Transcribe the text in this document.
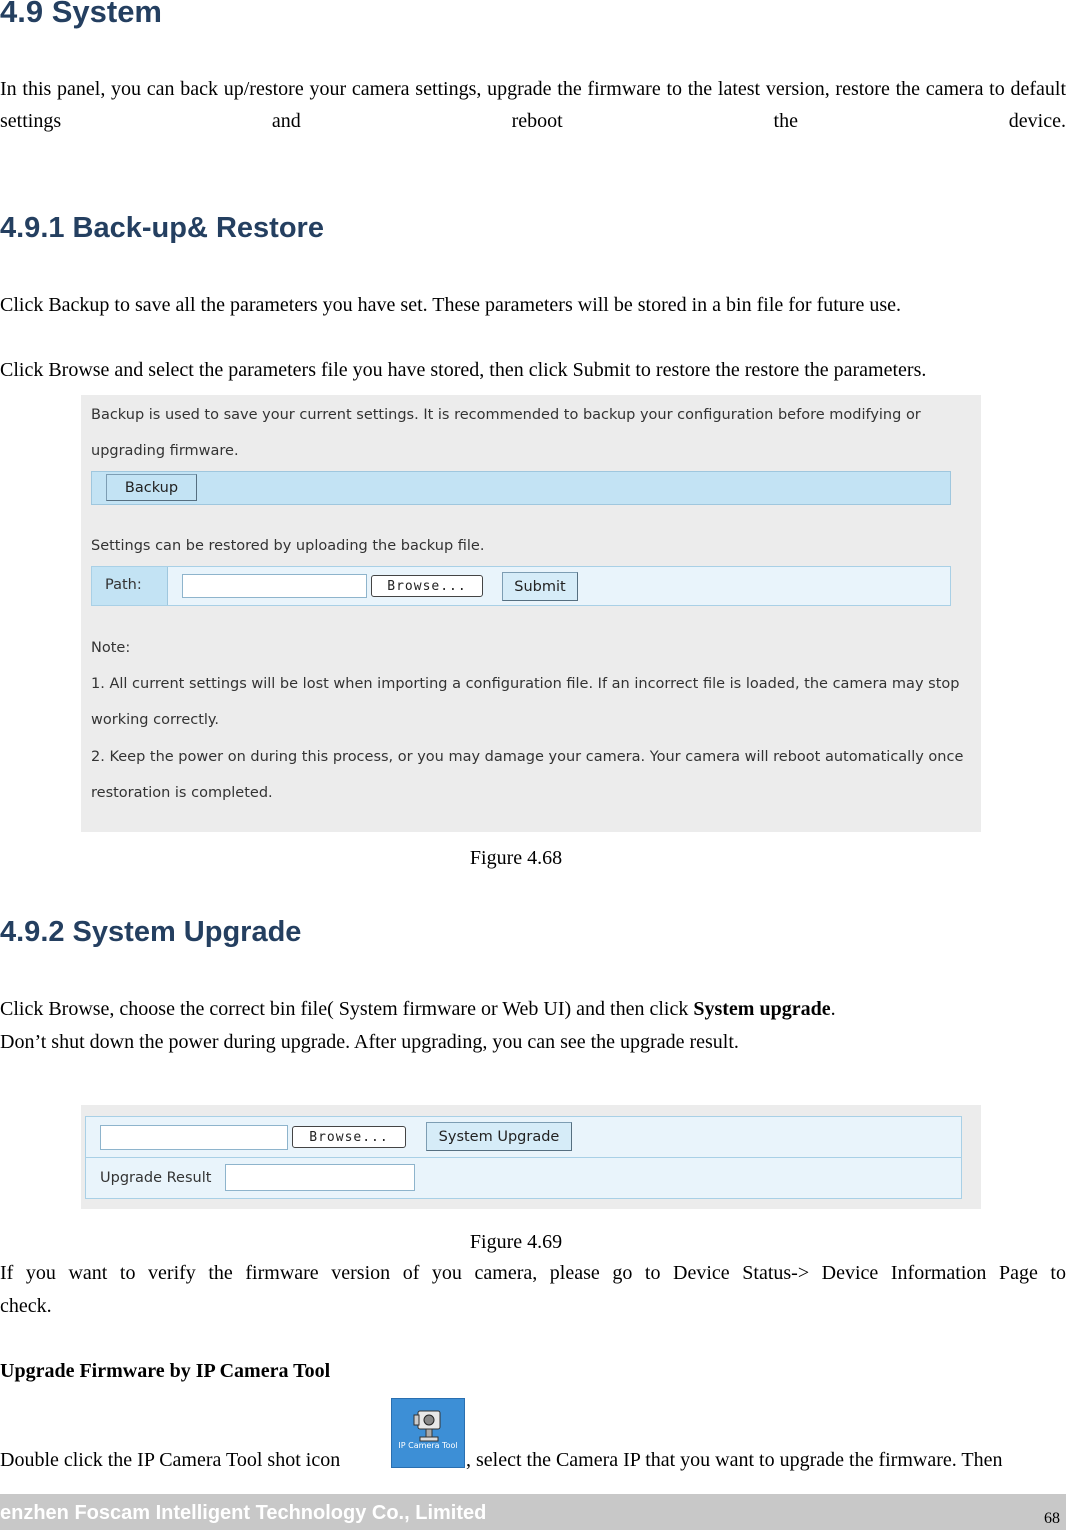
4.9 System

In this panel, you can back up/restore your camera settings, upgrade the firmware to the latest version, restore the camera to default settings and reboot the device.

4.9.1 Back-up& Restore

Click Backup to save all the parameters you have set. These parameters will be stored in a bin file for future use.

Click Browse and select the parameters file you have stored, then click Submit to restore the restore the parameters.

Backup is used to save your current settings. It is recommended to backup your configuration before modifying or
upgrading firmware.
Backup
Settings can be restored by uploading the backup file.
Path:	Browse...	Submit
Note:
1. All current settings will be lost when importing a configuration file. If an incorrect file is loaded, the camera may stop
working correctly.
2. Keep the power on during this process, or you may damage your camera. Your camera will reboot automatically once
restoration is completed.

Figure 4.68

4.9.2 System Upgrade

Click Browse, choose the correct bin file( System firmware or Web UI) and then click System upgrade.

Don’t shut down the power during upgrade. After upgrading, you can see the upgrade result.

Browse...	System Upgrade
Upgrade Result

Figure 4.69

If you want to verify the firmware version of you camera, please go to Device Status-> Device Information Page to

check.

Upgrade Firmware by IP Camera Tool

Double click the IP Camera Tool shot icon

IP Camera Tool

, select the Camera IP that you want to upgrade the firmware. Then

enzhen Foscam Intelligent Technology Co., Limited	68
